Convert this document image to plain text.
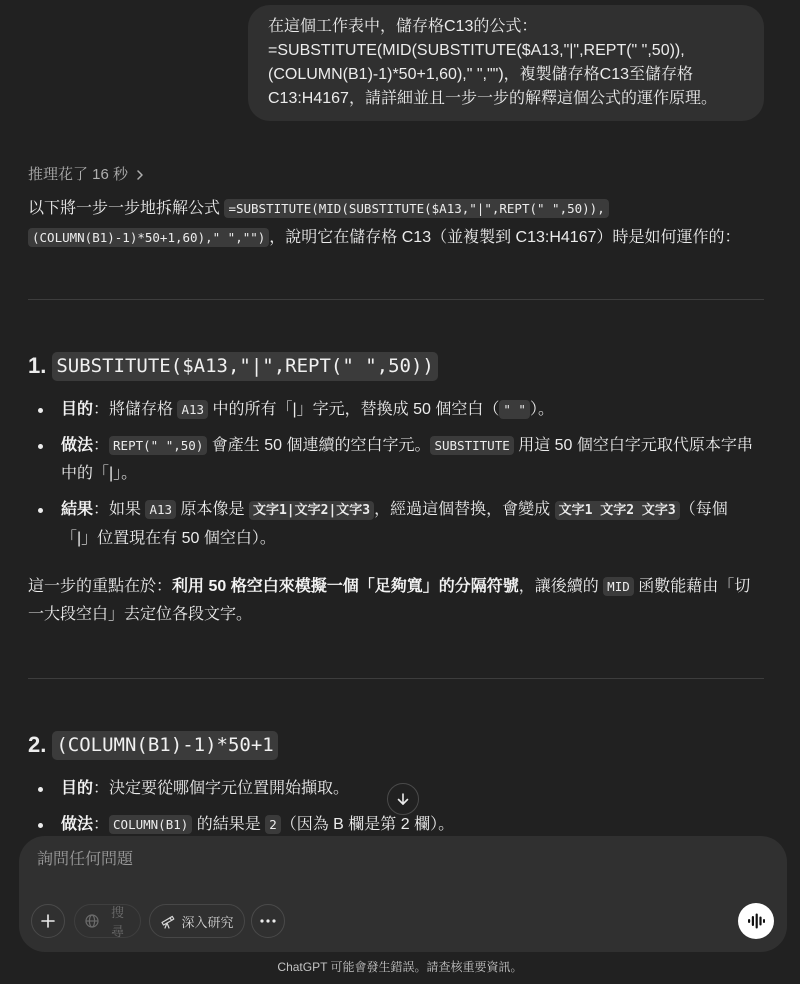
在這個工作表中，儲存格C13的公式：
=SUBSTITUTE(MID(SUBSTITUTE($A13,"|",REPT(" ",50)),
(COLUMN(B1)-1)*50+1,60)," ","")，複製儲存格C13至儲存格
C13:H4167，請詳細並且一步一步的解釋這個公式的運作原理。
推理花了 16 秒

以下將一步一步地拆解公式 =SUBSTITUTE(MID(SUBSTITUTE($A13,"|",REPT(" ",50)),
(COLUMN(B1)-1)*50+1,60)," ","") ，說明它在儲存格 C13（並複製到 C13:H4167）時是如何運作的：

1. SUBSTITUTE($A13,"|",REPT(" ",50))
目的：將儲存格 A13 中的所有「|」字元，替換成 50 個空白（ " " ）。
做法： REPT(" ",50) 會產生 50 個連續的空白字元。 SUBSTITUTE 用這 50 個空白字元取代原本字串
中的「|」。
結果：如果 A13 原本像是 文字1|文字2|文字3 ，經過這個替換，會變成 文字1 文字2 文字3 （每個
「|」位置現在有 50 個空白）。

這一步的重點在於：利用 50 格空白來模擬一個「足夠寬」的分隔符號，讓後續的 MID 函數能藉由「切
一大段空白」去定位各段文字。

2. (COLUMN(B1)-1)*50+1
目的：決定要從哪個字元位置開始擷取。
做法： COLUMN(B1) 的結果是 2 （因為 B 欄是第 2 欄）。
詢問任何問題
搜尋
深入研究
ChatGPT 可能會發生錯誤。請查核重要資訊。
